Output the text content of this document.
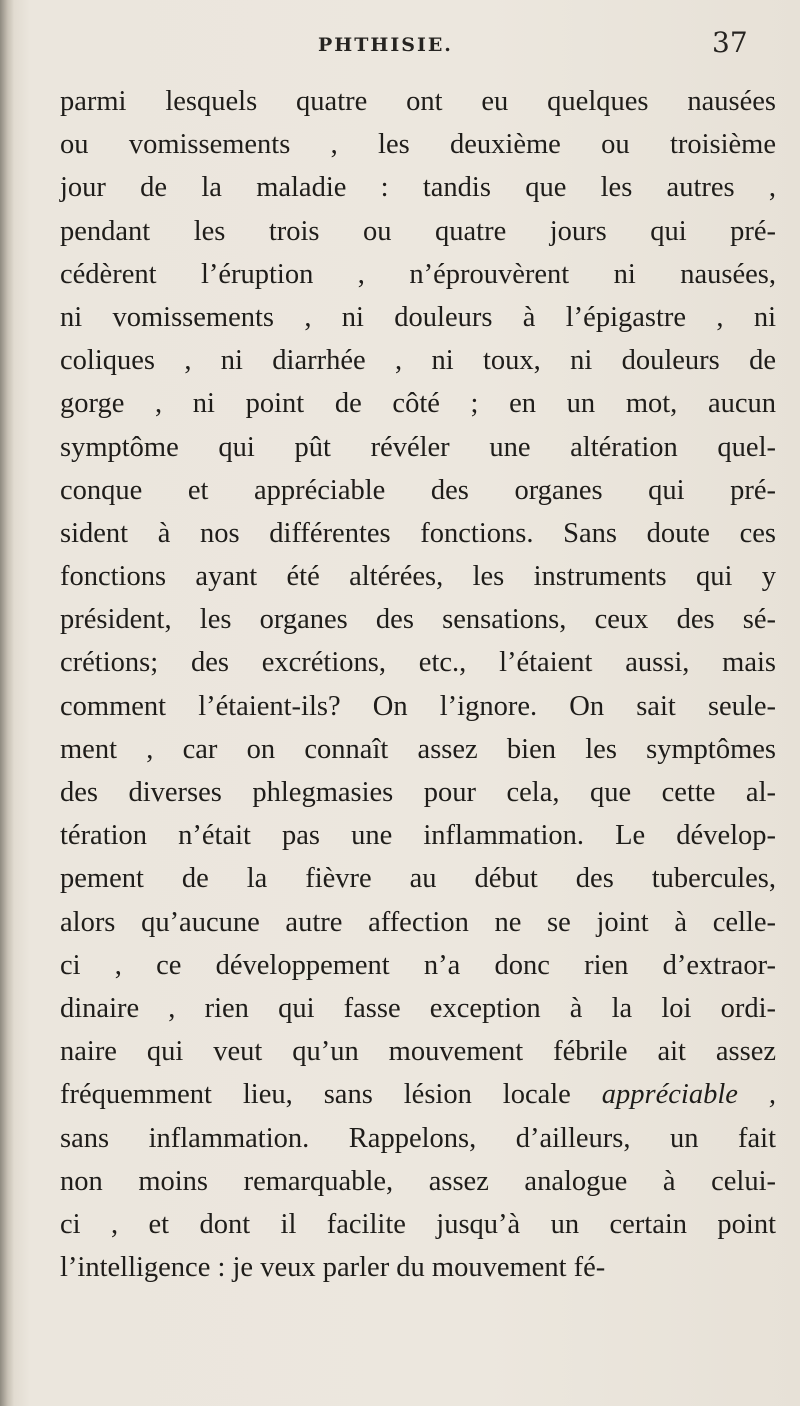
PHTHISIE.	37
parmi lesquels quatre ont eu quelques nausées
ou vomissements , les deuxième ou troisième
jour de la maladie : tandis que les autres ,
pendant les trois ou quatre jours qui pré-
cédèrent l’éruption , n’éprouvèrent ni nausées,
ni vomissements , ni douleurs à l’épigastre , ni
coliques , ni diarrhée , ni toux, ni douleurs de
gorge , ni point de côté ; en un mot, aucun
symptôme qui pût révéler une altération quel-
conque et appréciable des organes qui pré-
sident à nos différentes fonctions. Sans doute ces
fonctions ayant été altérées, les instruments qui y
président, les organes des sensations, ceux des sé-
crétions; des excrétions, etc., l’étaient aussi, mais
comment l’étaient-ils? On l’ignore. On sait seule-
ment , car on connaît assez bien les symptômes
des diverses phlegmasies pour cela, que cette al-
tération n’était pas une inflammation. Le dévelop-
pement de la fièvre au début des tubercules,
alors qu’aucune autre affection ne se joint à celle-
ci , ce développement n’a donc rien d’extraor-
dinaire , rien qui fasse exception à la loi ordi-
naire qui veut qu’un mouvement fébrile ait assez
fréquemment lieu, sans lésion locale appréciable ,
sans inflammation. Rappelons, d’ailleurs, un fait
non moins remarquable, assez analogue à celui-
ci , et dont il facilite jusqu’à un certain point
l’intelligence : je veux parler du mouvement fé-
